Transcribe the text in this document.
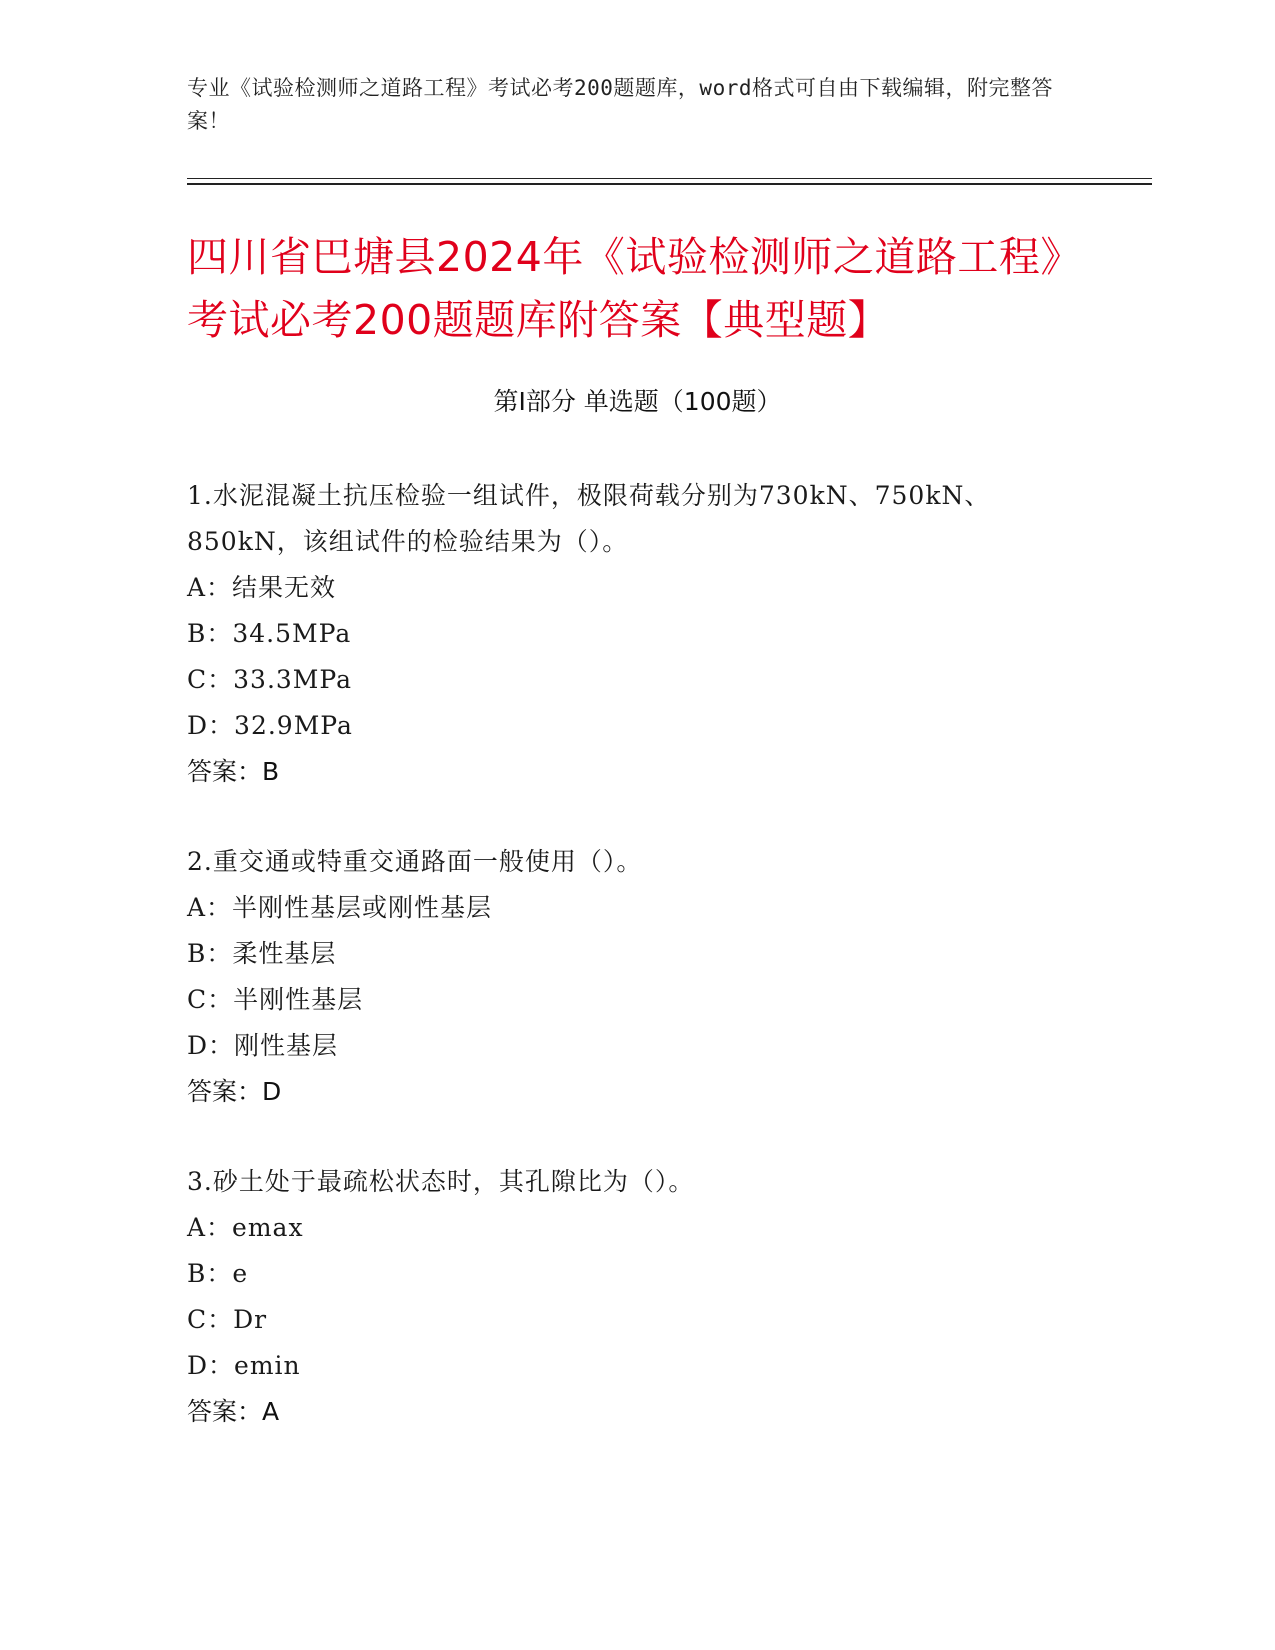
专业《试验检测师之道路工程》考试必考200题题库，word格式可自由下载编辑，附完整答案！
四川省巴塘县2024年《试验检测师之道路工程》考试必考200题题库附答案【典型题】
第Ⅰ部分 单选题（100题）
1.水泥混凝土抗压检验一组试件，极限荷载分别为730kN、750kN、850kN，该组试件的检验结果为（）。
A：结果无效
B：34.5MPa
C：33.3MPa
D：32.9MPa
答案：B
2.重交通或特重交通路面一般使用（）。
A：半刚性基层或刚性基层
B：柔性基层
C：半刚性基层
D：刚性基层
答案：D
3.砂土处于最疏松状态时，其孔隙比为（）。
A：emax
B：e
C：Dr
D：emin
答案：A
